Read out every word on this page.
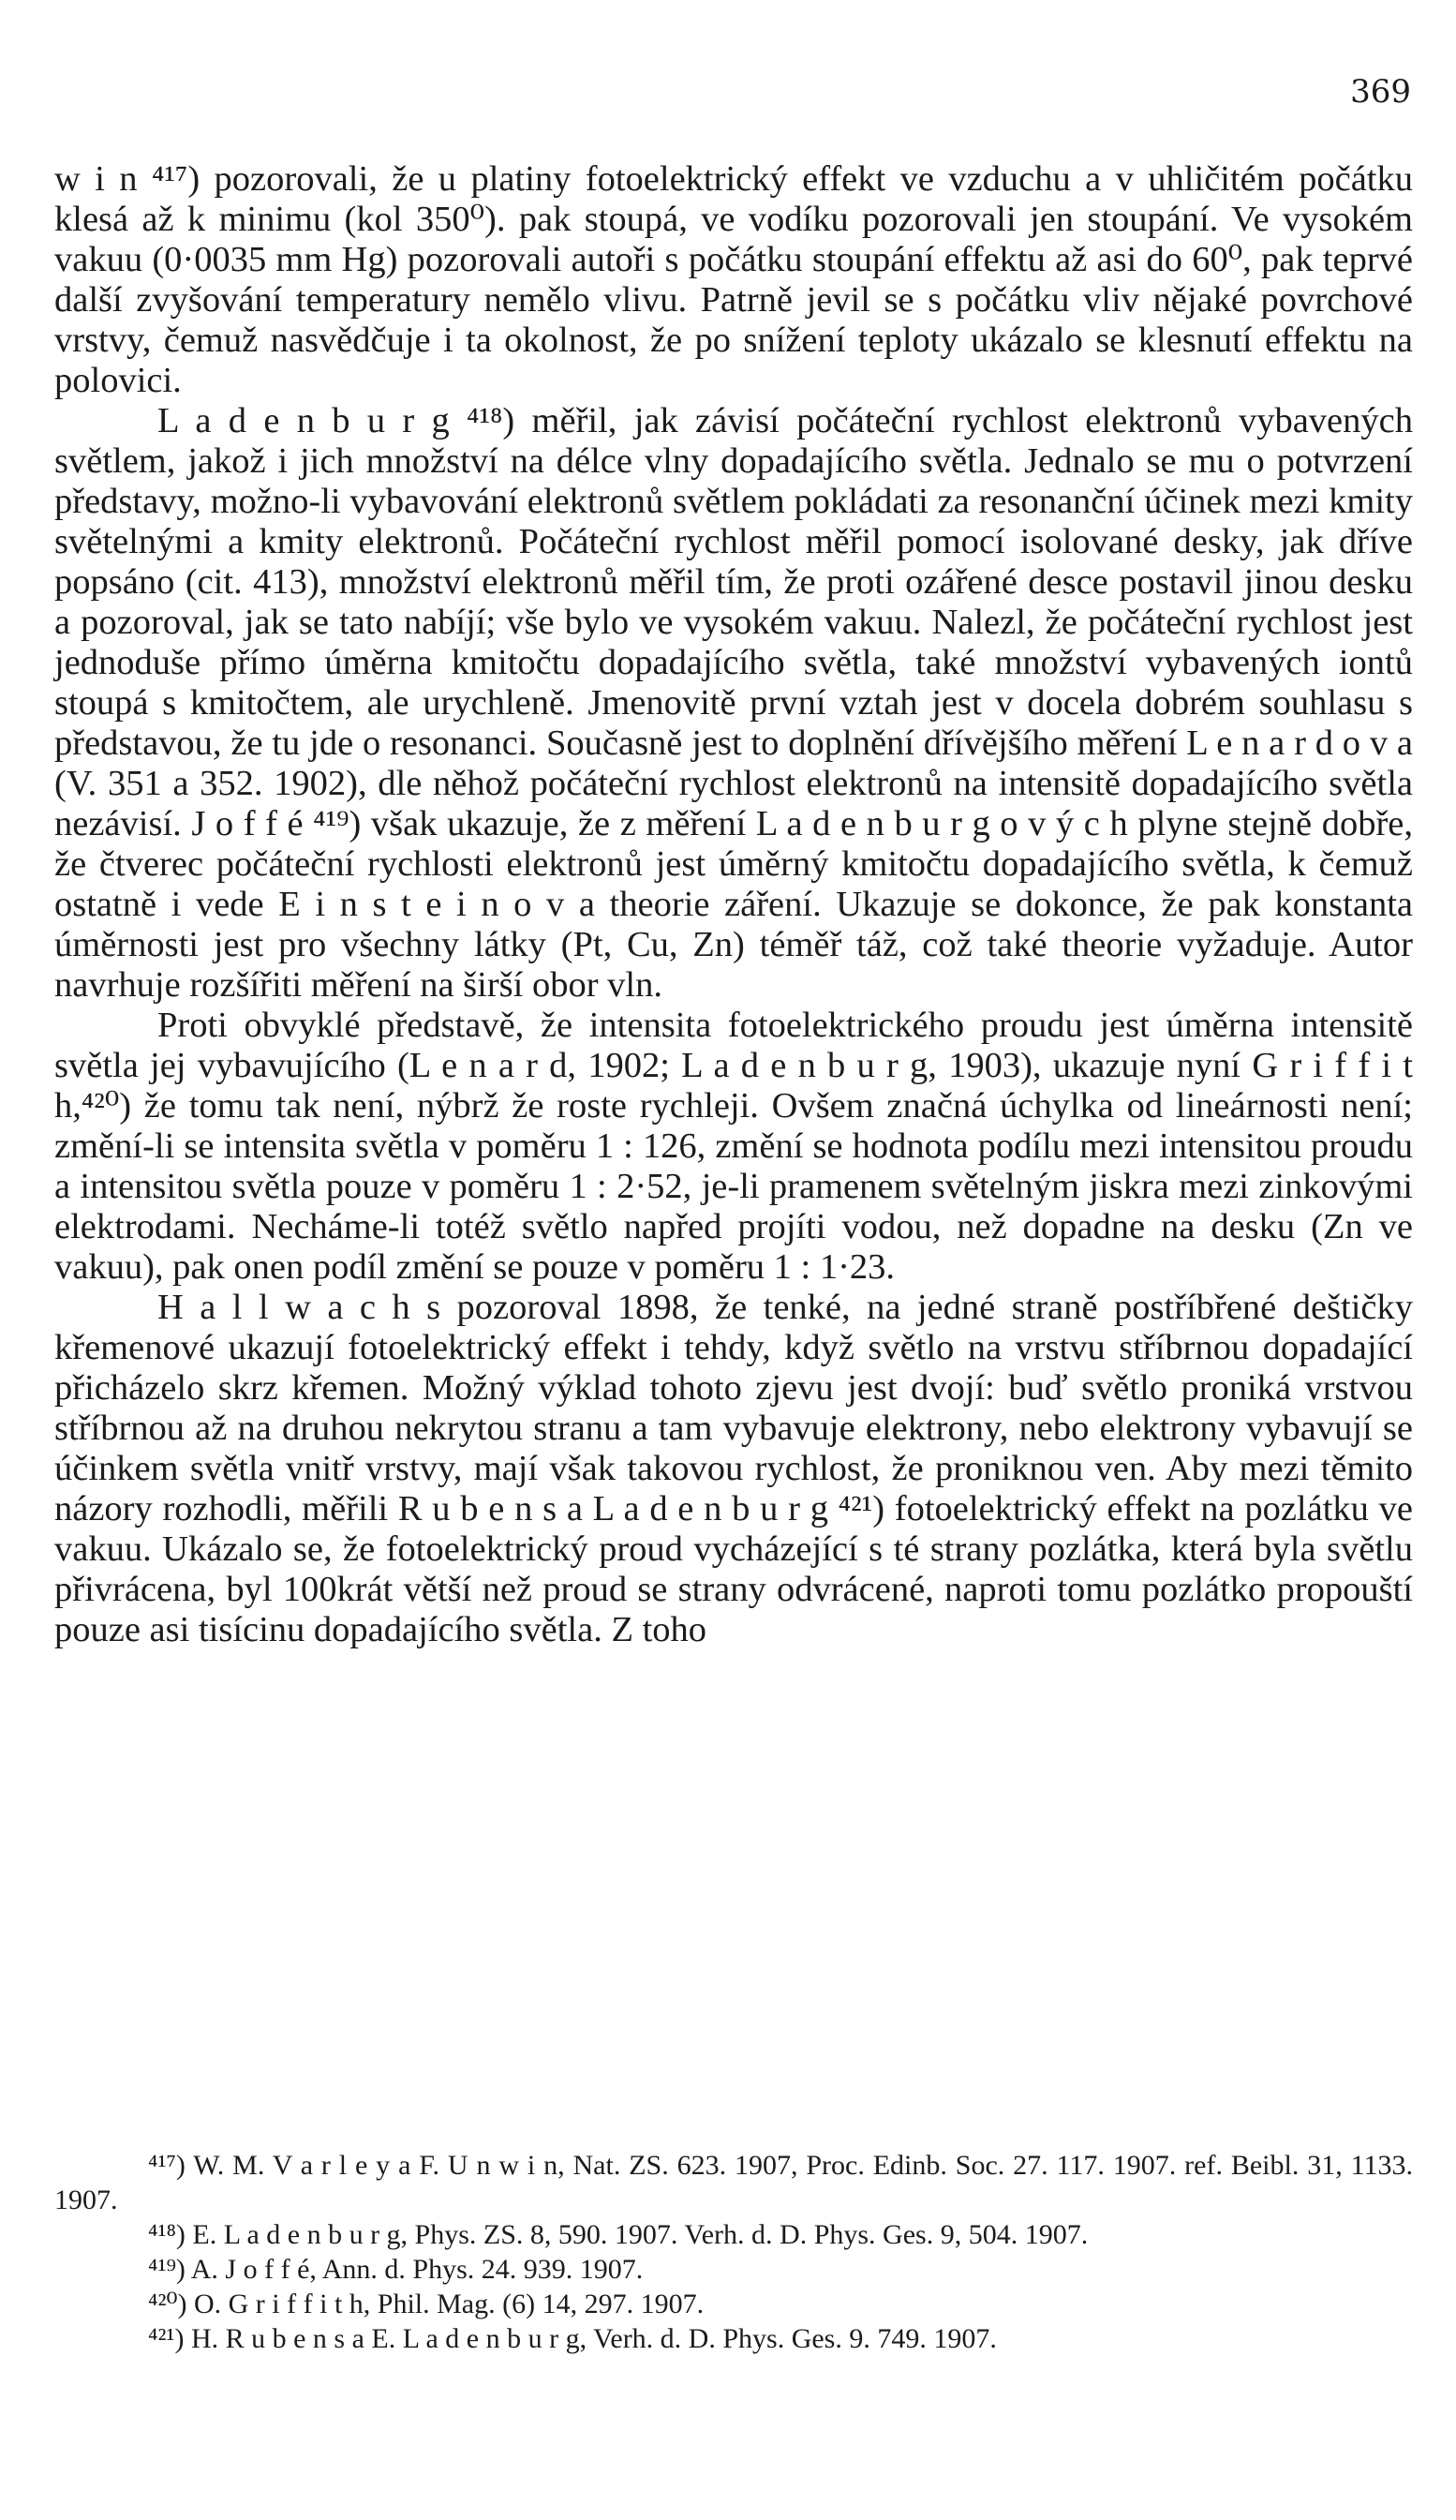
369

w i n ⁴¹⁷) pozorovali, že u platiny fotoelektrický effekt ve vzduchu a v uhličitém počátku klesá až k minimu (kol 350⁰). pak stoupá, ve vodíku pozorovali jen stoupání. Ve vysokém vakuu (0·0035 mm Hg) pozorovali autoři s počátku stoupání effektu až asi do 60⁰, pak teprvé další zvyšování temperatury nemělo vlivu. Patrně jevil se s počátku vliv nějaké povrchové vrstvy, čemuž nasvědčuje i ta okolnost, že po snížení teploty ukázalo se klesnutí effektu na polovici.

L a d e n b u r g ⁴¹⁸) měřil, jak závisí počáteční rychlost elektronů vybavených světlem, jakož i jich množství na délce vlny dopadajícího světla. Jednalo se mu o potvrzení představy, možno-li vybavování elektronů světlem pokládati za resonanční účinek mezi kmity světelnými a kmity elektronů. Počáteční rychlost měřil pomocí isolované desky, jak dříve popsáno (cit. 413), množství elektronů měřil tím, že proti ozářené desce postavil jinou desku a pozoroval, jak se tato nabíjí; vše bylo ve vysokém vakuu. Nalezl, že počáteční rychlost jest jednoduše přímo úměrna kmitočtu dopadajícího světla, také množství vybavených iontů stoupá s kmitočtem, ale urychleně. Jmenovitě první vztah jest v docela dobrém souhlasu s představou, že tu jde o resonanci. Současně jest to doplnění dřívějšího měření L e n a r d o v a (V. 351 a 352. 1902), dle něhož počáteční rychlost elektronů na intensitě dopadajícího světla nezávisí. J o f f é ⁴¹⁹) však ukazuje, že z měření L a d e n b u r g o v ý c h plyne stejně dobře, že čtverec počáteční rychlosti elektronů jest úměrný kmitočtu dopadajícího světla, k čemuž ostatně i vede E i n s t e i n o v a theorie záření. Ukazuje se dokonce, že pak konstanta úměrnosti jest pro všechny látky (Pt, Cu, Zn) téměř táž, což také theorie vyžaduje. Autor navrhuje rozšířiti měření na širší obor vln.

Proti obvyklé představě, že intensita fotoelektrického proudu jest úměrna intensitě světla jej vybavujícího (L e n a r d, 1902; L a d e n b u r g, 1903), ukazuje nyní G r i f f i t h,⁴²⁰) že tomu tak není, nýbrž že roste rychleji. Ovšem značná úchylka od lineárnosti není; změní-li se intensita světla v poměru 1 : 126, změní se hodnota podílu mezi intensitou proudu a intensitou světla pouze v poměru 1 : 2·52, je-li pramenem světelným jiskra mezi zinkovými elektrodami. Necháme-li totéž světlo napřed projíti vodou, než dopadne na desku (Zn ve vakuu), pak onen podíl změní se pouze v poměru 1 : 1·23.

H a l l w a c h s pozoroval 1898, že tenké, na jedné straně postříbřené deštičky křemenové ukazují fotoelektrický effekt i tehdy, když světlo na vrstvu stříbrnou dopadající přicházelo skrz křemen. Možný výklad tohoto zjevu jest dvojí: buď světlo proniká vrstvou stříbrnou až na druhou nekrytou stranu a tam vybavuje elektrony, nebo elektrony vybavují se účinkem světla vnitř vrstvy, mají však takovou rychlost, že proniknou ven. Aby mezi těmito názory rozhodli, měřili R u b e n s a L a d e n b u r g ⁴²¹) fotoelektrický effekt na pozlátku ve vakuu. Ukázalo se, že fotoelektrický proud vycházející s té strany pozlátka, která byla světlu přivrácena, byl 100krát větší než proud se strany odvrácené, naproti tomu pozlátko propouští pouze asi tisícinu dopadajícího světla. Z toho

⁴¹⁷) W. M. V a r l e y a F. U n w i n, Nat. ZS. 623. 1907, Proc. Edinb. Soc. 27. 117. 1907. ref. Beibl. 31, 1133. 1907.

⁴¹⁸) E. L a d e n b u r g, Phys. ZS. 8, 590. 1907. Verh. d. D. Phys. Ges. 9, 504. 1907.

⁴¹⁹) A. J o f f é, Ann. d. Phys. 24. 939. 1907.

⁴²⁰) O. G r i f f i t h, Phil. Mag. (6) 14, 297. 1907.

⁴²¹) H. R u b e n s a E. L a d e n b u r g, Verh. d. D. Phys. Ges. 9. 749. 1907.
